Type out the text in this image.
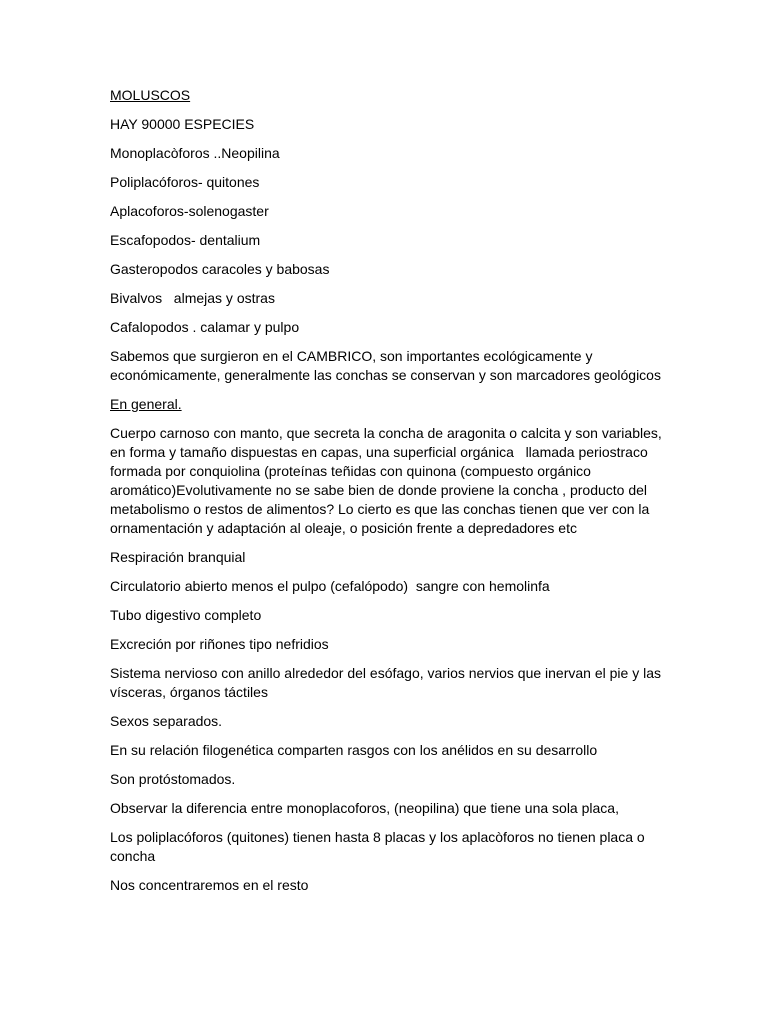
MOLUSCOS

HAY 90000 ESPECIES

Monoplacòforos ..Neopilina

Poliplacóforos- quitones

Aplacoforos-solenogaster

Escafopodos- dentalium

Gasteropodos caracoles y babosas

Bivalvos   almejas y ostras

Cafalopodos . calamar y pulpo

Sabemos que surgieron en el CAMBRICO, son importantes ecológicamente y económicamente, generalmente las conchas se conservan y son marcadores geológicos

En general.

Cuerpo carnoso con manto, que secreta la concha de aragonita o calcita y son variables, en forma y tamaño dispuestas en capas, una superficial orgánica   llamada periostraco formada por conquiolina (proteínas teñidas con quinona (compuesto orgánico aromático)Evolutivamente no se sabe bien de donde proviene la concha , producto del metabolismo o restos de alimentos? Lo cierto es que las conchas tienen que ver con la ornamentación y adaptación al oleaje, o posición frente a depredadores etc

Respiración branquial

Circulatorio abierto menos el pulpo (cefalópodo)  sangre con hemolinfa

Tubo digestivo completo

Excreción por riñones tipo nefridios

Sistema nervioso con anillo alrededor del esófago, varios nervios que inervan el pie y las vísceras, órganos táctiles

Sexos separados.

En su relación filogenética comparten rasgos con los anélidos en su desarrollo

Son protóstomados.

Observar la diferencia entre monoplacoforos, (neopilina) que tiene una sola placa,

Los poliplacóforos (quitones) tienen hasta 8 placas y los aplacòforos no tienen placa o concha

Nos concentraremos en el resto
